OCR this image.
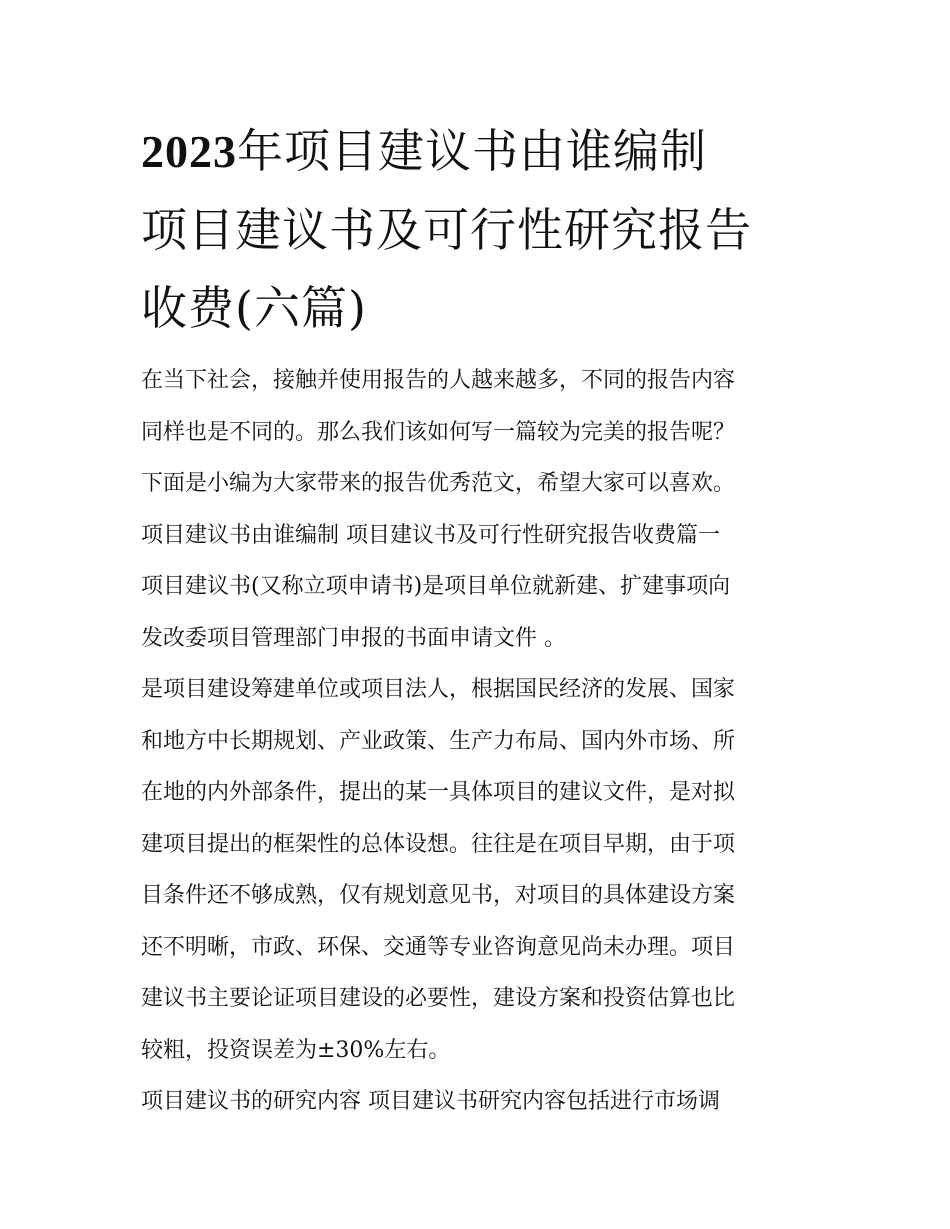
2023年项目建议书由谁编制
项目建议书及可行性研究报告
收费(六篇)
在当下社会，接触并使用报告的人越来越多，不同的报告内容
同样也是不同的。那么我们该如何写一篇较为完美的报告呢？
下面是小编为大家带来的报告优秀范文，希望大家可以喜欢。
项目建议书由谁编制 项目建议书及可行性研究报告收费篇一
项目建议书(又称立项申请书)是项目单位就新建、扩建事项向
发改委项目管理部门申报的书面申请文件 。
是项目建设筹建单位或项目法人，根据国民经济的发展、国家
和地方中长期规划、产业政策、生产力布局、国内外市场、所
在地的内外部条件，提出的某一具体项目的建议文件，是对拟
建项目提出的框架性的总体设想。往往是在项目早期，由于项
目条件还不够成熟，仅有规划意见书，对项目的具体建设方案
还不明晰，市政、环保、交通等专业咨询意见尚未办理。项目
建议书主要论证项目建设的必要性，建设方案和投资估算也比
较粗，投资误差为±30%左右。
项目建议书的研究内容 项目建议书研究内容包括进行市场调
